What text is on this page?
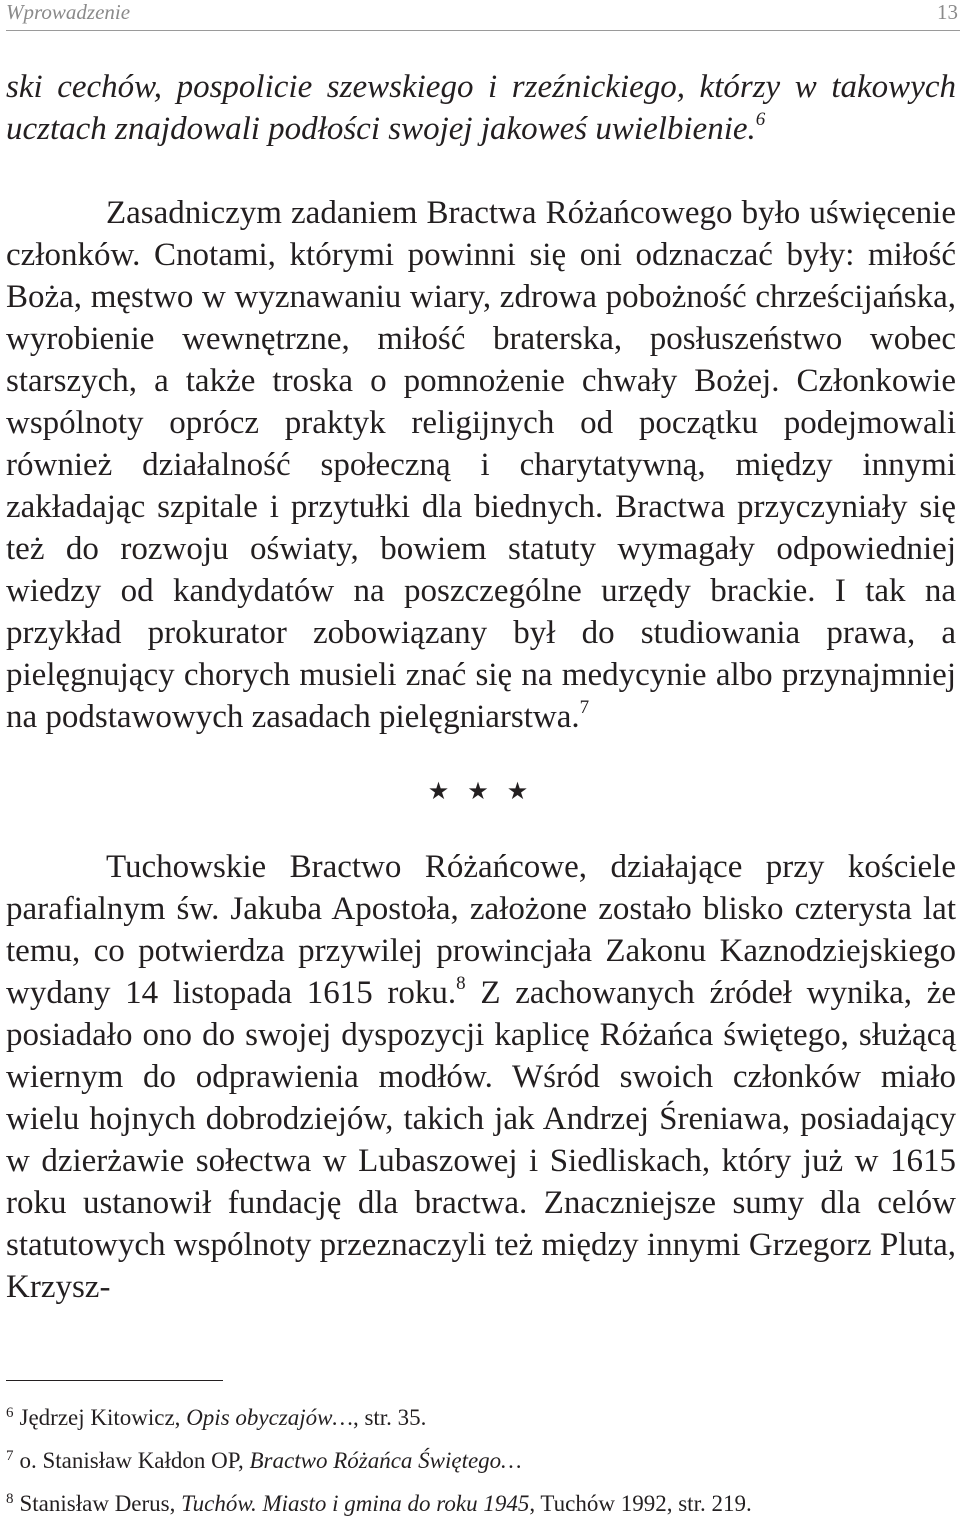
Wprowadzenie	13

ski cechów, pospolicie szewskiego i rzeźnickiego, którzy w takowych ucztach znajdowali podłości swojej jakoweś uwielbienie.$^6$

Zasadniczym zadaniem Bractwa Różańcowego było uświęcenie członków. Cnotami, którymi powinni się oni odznaczać były: miłość Boża, męstwo w wyznawaniu wiary, zdrowa pobożność chrześcijańska, wyrobienie wewnętrzne, miłość braterska, posłuszeństwo wobec starszych, a także troska o pomnożenie chwały Bożej. Członkowie wspólnoty oprócz praktyk religijnych od początku podejmowali również działalność społeczną i charytatywną, między innymi zakładając szpitale i przytułki dla biednych. Bractwa przyczyniały się też do rozwoju oświaty, bowiem statuty wymagały odpowiedniej wiedzy od kandydatów na poszczególne urzędy brackie. I tak na przykład prokurator zobowiązany był do studiowania prawa, a pielęgnujący chorych musieli znać się na medycynie albo przynajmniej na podstawowych zasadach pielęgniarstwa.$^7$

★ ★ ★

Tuchowskie Bractwo Różańcowe, działające przy kościele parafialnym św. Jakuba Apostoła, założone zostało blisko czterysta lat temu, co potwierdza przywilej prowincjała Zakonu Kaznodziejskiego wydany 14 listopada 1615 roku.$^8$ Z zachowanych źródeł wynika, że posiadało ono do swojej dyspozycji kaplicę Różańca świętego, służącą wiernym do odprawienia modłów. Wśród swoich członków miało wielu hojnych dobrodziejów, takich jak Andrzej Śreniawa, posiadający w dzierżawie sołectwa w Lubaszowej i Siedliskach, który już w 1615 roku ustanowił fundację dla bractwa. Znaczniejsze sumy dla celów statutowych wspólnoty przeznaczyli też między innymi Grzegorz Pluta, Krzysz-

$^6$ Jędrzej Kitowicz, Opis obyczajów…, str. 35.

$^7$ o. Stanisław Kałdon OP, Bractwo Różańca Świętego…

$^8$ Stanisław Derus, Tuchów. Miasto i gmina do roku 1945, Tuchów 1992, str. 219.
